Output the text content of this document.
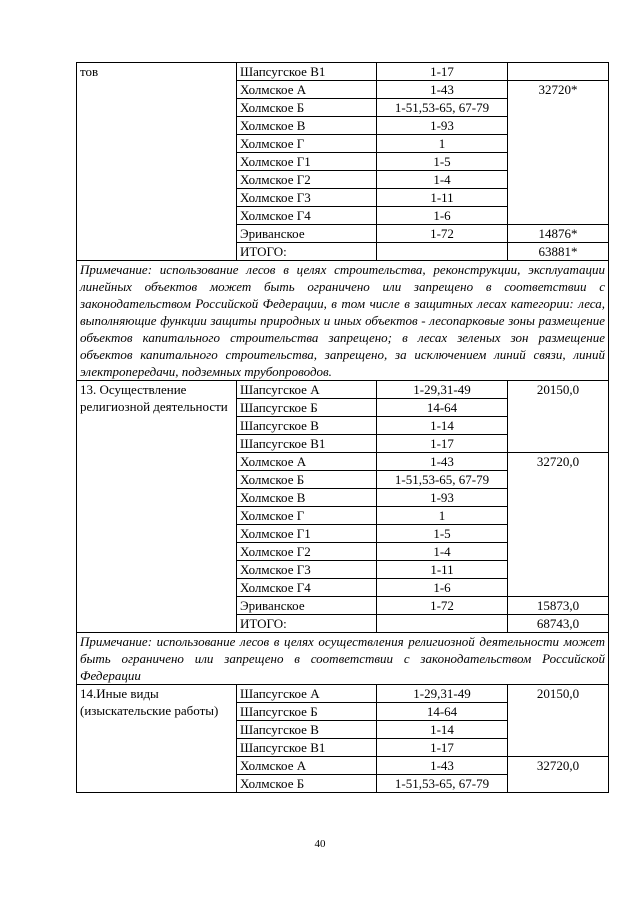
тов	Шапсугское В1	1-17	
	Холмское А	1-43	32720*
	Холмское Б	1-51,53-65, 67-79	
	Холмское В	1-93	
	Холмское Г	1	
	Холмское Г1	1-5	
	Холмское Г2	1-4	
	Холмское Г3	1-11	
	Холмское Г4	1-6	
	Эриванское	1-72	14876*
	ИТОГО:		63881*
Примечание: использование лесов в целях строительства, реконструкции, эксплуатации линейных объектов может быть ограничено или запрещено в соответствии с законодательством Российской Федерации, в том числе в защитных лесах категории: леса, выполняющие функции защиты природных и иных объектов - лесопарковые зоны размещение объектов капитального строительства запрещено; в лесах зеленых зон размещение объектов капитального строительства, запрещено, за исключением линий связи, линий электропередачи, подземных трубопроводов.			
13. Осуществление религиозной деятельности	Шапсугское А	1-29,31-49	20150,0
	Шапсугское Б	14-64	
	Шапсугское В	1-14	
	Шапсугское В1	1-17	
	Холмское А	1-43	32720,0
	Холмское Б	1-51,53-65, 67-79	
	Холмское В	1-93	
	Холмское Г	1	
	Холмское Г1	1-5	
	Холмское Г2	1-4	
	Холмское Г3	1-11	
	Холмское Г4	1-6	
	Эриванское	1-72	15873,0
	ИТОГО:		68743,0
Примечание: использование лесов в целях осуществления религиозной деятельности может быть ограничено или запрещено в соответствии с законодательством Российской Федерации			
14.Иные виды (изыскательские работы)	Шапсугское А	1-29,31-49	20150,0
	Шапсугское Б	14-64	
	Шапсугское В	1-14	
	Шапсугское В1	1-17	
	Холмское А	1-43	32720,0
	Холмское Б	1-51,53-65, 67-79	
40
